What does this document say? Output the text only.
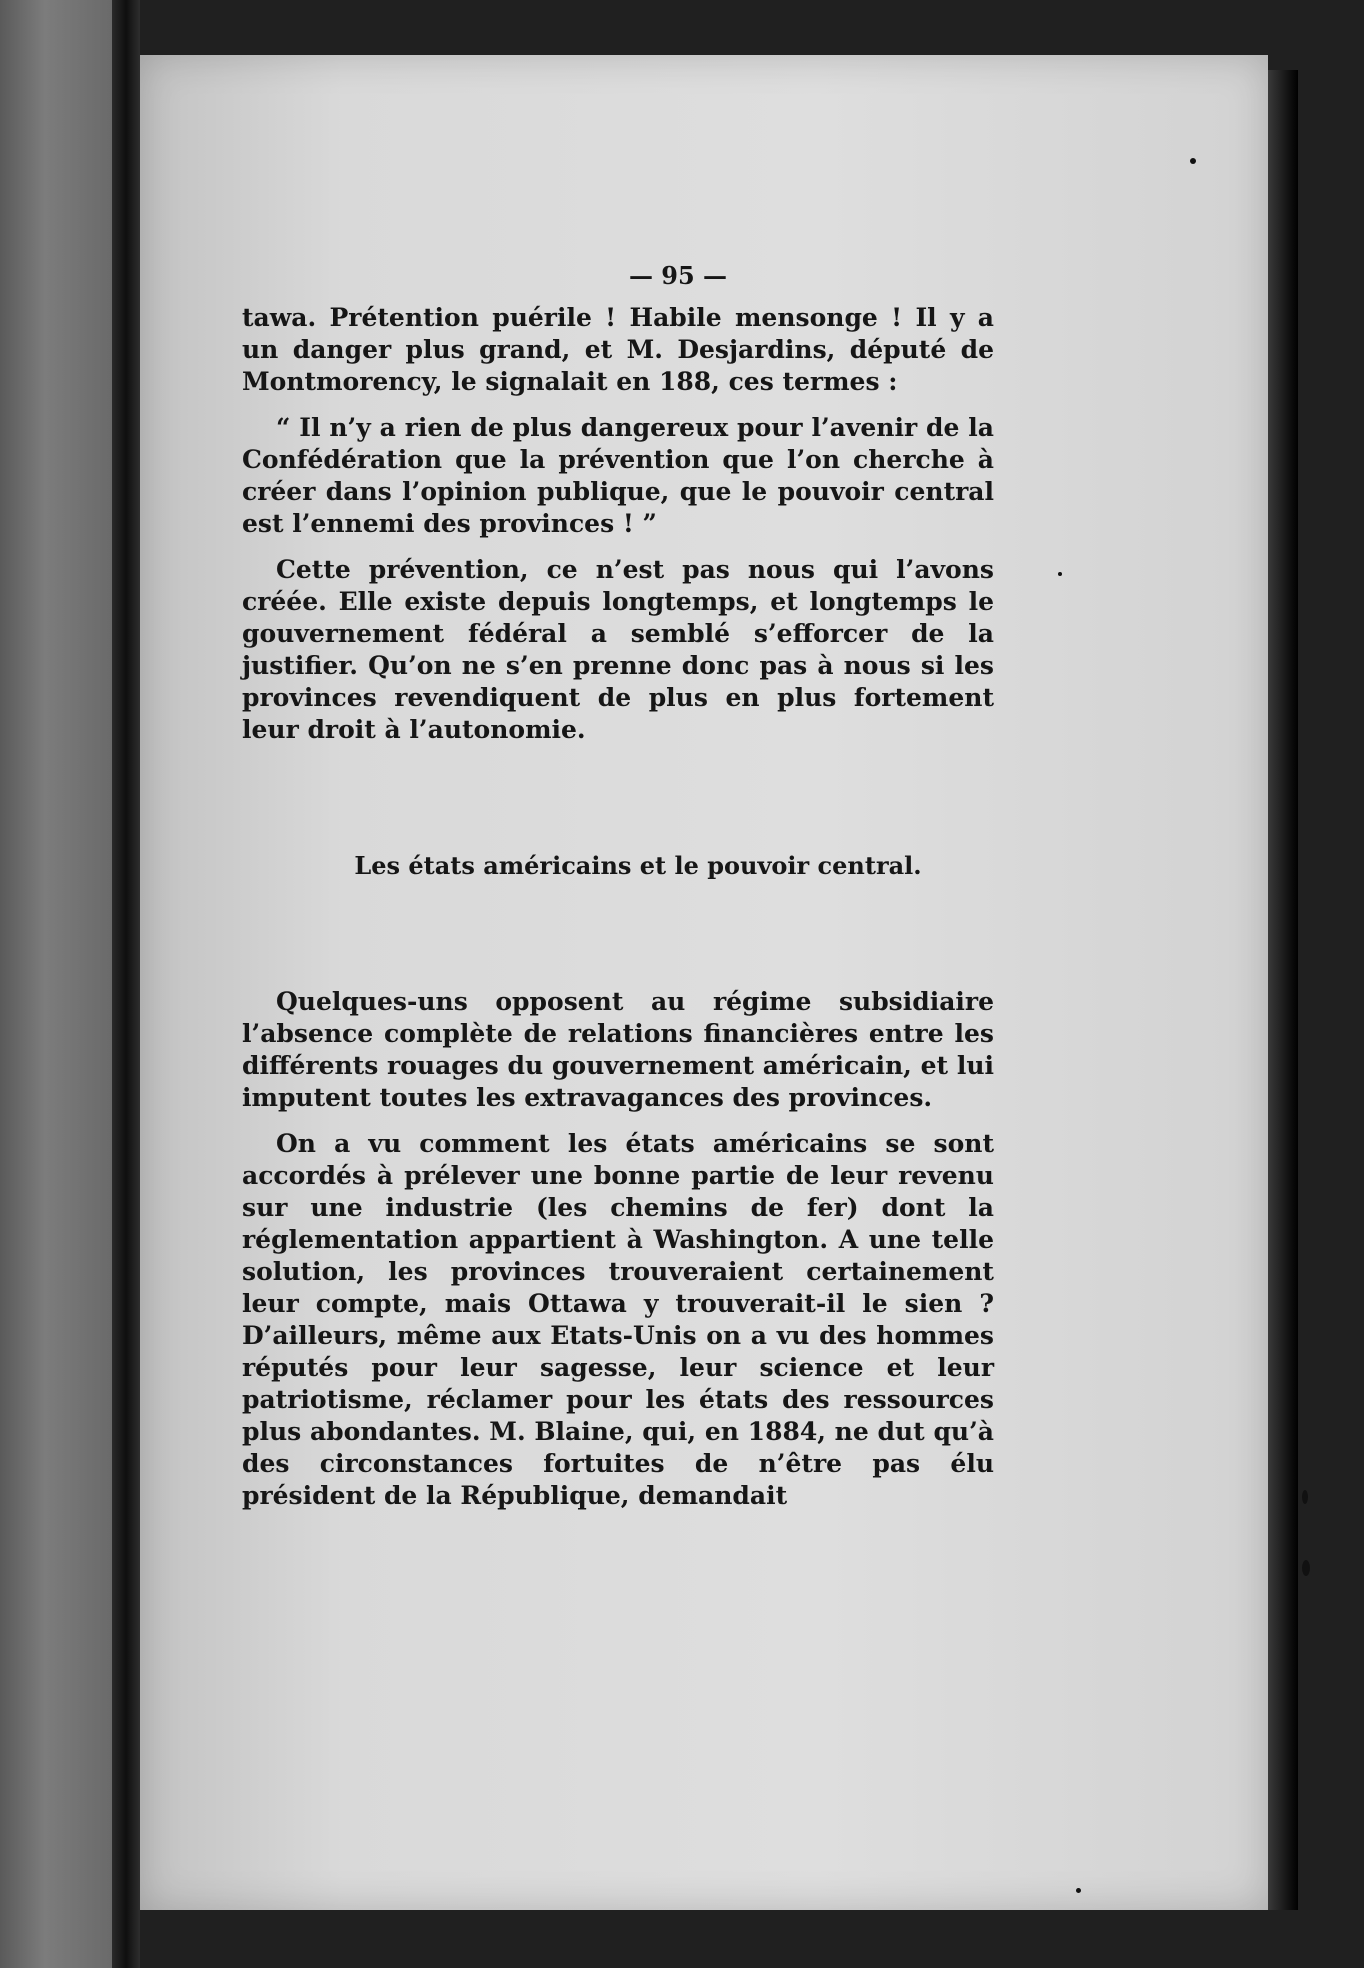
— 95 —

tawa. Prétention puérile ! Habile mensonge ! Il y a un danger plus grand, et M. Desjardins, député de Montmorency, le signalait en 188, ces termes :

“ Il n’y a rien de plus dangereux pour l’avenir de la Confédération que la prévention que l’on cherche à créer dans l’opinion publique, que le pouvoir central est l’ennemi des provinces ! ”

Cette prévention, ce n’est pas nous qui l’avons créée. Elle existe depuis longtemps, et longtemps le gouvernement fédéral a semblé s’efforcer de la justifier. Qu’on ne s’en prenne donc pas à nous si les provinces revendiquent de plus en plus fortement leur droit à l’autonomie.

Les états américains et le pouvoir central.

Quelques-uns opposent au régime subsidiaire l’absence complète de relations financières entre les différents rouages du gouvernement américain, et lui imputent toutes les extravagances des provinces.

On a vu comment les états américains se sont accordés à prélever une bonne partie de leur revenu sur une industrie (les chemins de fer) dont la réglementation appartient à Washington. A une telle solution, les provinces trouveraient certainement leur compte, mais Ottawa y trouverait-il le sien ? D’ailleurs, même aux Etats-Unis on a vu des hommes réputés pour leur sagesse, leur science et leur patriotisme, réclamer pour les états des ressources plus abondantes. M. Blaine, qui, en 1884, ne dut qu’à des circonstances fortuites de n’être pas élu président de la République, demandait
